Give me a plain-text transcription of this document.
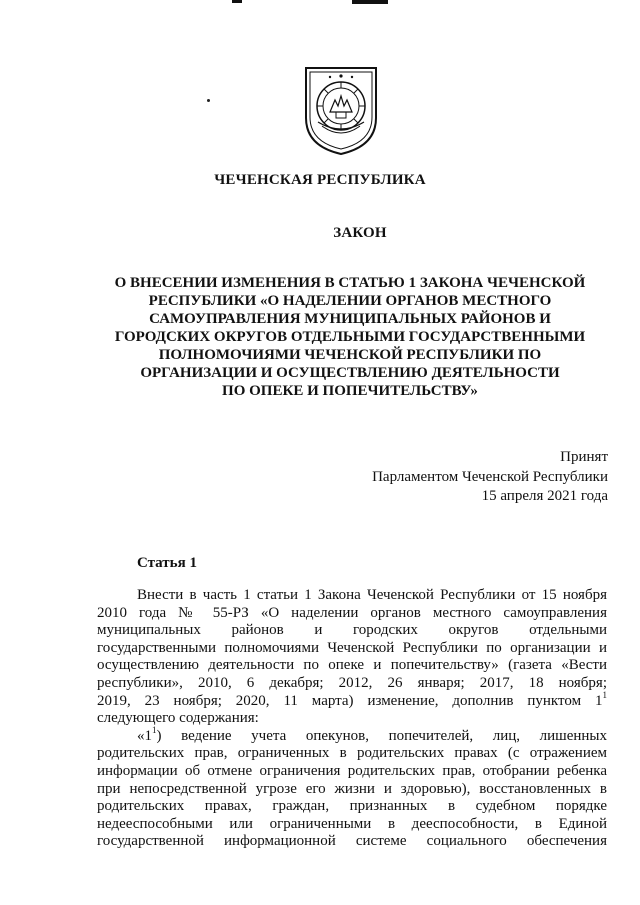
ЧЕЧЕНСКАЯ РЕСПУБЛИКА
ЗАКОН
О ВНЕСЕНИИ ИЗМЕНЕНИЯ В СТАТЬЮ 1 ЗАКОНА ЧЕЧЕНСКОЙ
РЕСПУБЛИКИ «О НАДЕЛЕНИИ ОРГАНОВ МЕСТНОГО
САМОУПРАВЛЕНИЯ МУНИЦИПАЛЬНЫХ РАЙОНОВ И
ГОРОДСКИХ ОКРУГОВ ОТДЕЛЬНЫМИ ГОСУДАРСТВЕННЫМИ
ПОЛНОМОЧИЯМИ ЧЕЧЕНСКОЙ РЕСПУБЛИКИ ПО
ОРГАНИЗАЦИИ И ОСУЩЕСТВЛЕНИЮ ДЕЯТЕЛЬНОСТИ
ПО ОПЕКЕ И ПОПЕЧИТЕЛЬСТВУ»
Принят
Парламентом Чеченской Республики
15 апреля 2021 года
Статья 1
Внести в часть 1 статьи 1 Закона Чеченской Республики от 15 ноября
2010 года № 55-РЗ «О наделении органов местного самоуправления
муниципальных районов и городских округов отдельными
государственными полномочиями Чеченской Республики по организации и
осуществлению деятельности по опеке и попечительству» (газета «Вести
республики», 2010, 6 декабря; 2012, 26 января; 2017, 18 ноября;
2019, 23 ноября; 2020, 11 марта) изменение, дополнив пунктом $1^1$
следующего содержания:
«$1^1$) ведение учета опекунов, попечителей, лиц, лишенных
родительских прав, ограниченных в родительских правах (с отражением
информации об отмене ограничения родительских прав, отобрании ребенка
при непосредственной угрозе его жизни и здоровью), восстановленных в
родительских правах, граждан, признанных в судебном порядке
недееспособными или ограниченными в дееспособности, в Единой
государственной информационной системе социального обеспечения
